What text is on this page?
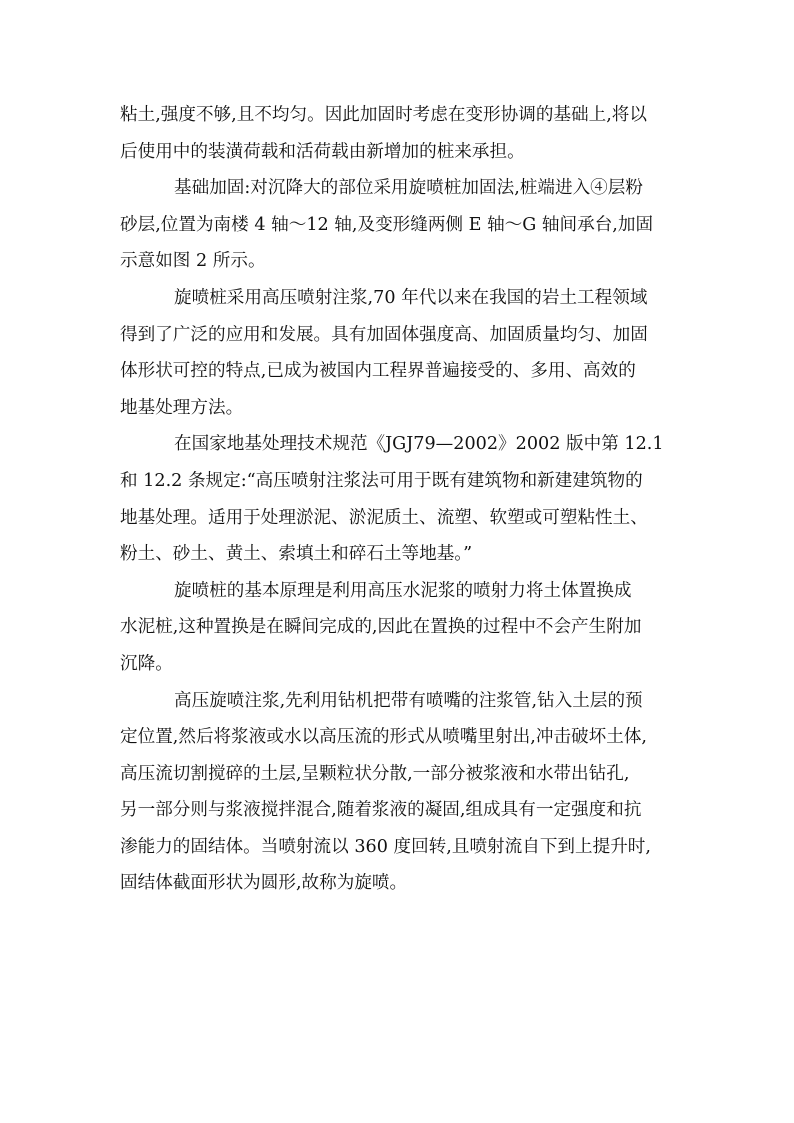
粘土,强度不够,且不均匀。因此加固时考虑在变形协调的基础上,将以
后使用中的装潢荷载和活荷载由新增加的桩来承担。
基础加固:对沉降大的部位采用旋喷桩加固法,桩端进入④层粉
砂层,位置为南楼 4 轴～12 轴,及变形缝两侧 E 轴～G 轴间承台,加固
示意如图 2 所示。
旋喷桩采用高压喷射注浆,70 年代以来在我国的岩土工程领域
得到了广泛的应用和发展。具有加固体强度高、加固质量均匀、加固
体形状可控的特点,已成为被国内工程界普遍接受的、多用、高效的
地基处理方法。
在国家地基处理技术规范《JGJ79—2002》2002 版中第 12.1
和 12.2 条规定:“高压喷射注浆法可用于既有建筑物和新建建筑物的
地基处理。适用于处理淤泥、淤泥质土、流塑、软塑或可塑粘性土、
粉土、砂土、黄土、索填土和碎石土等地基。”
旋喷桩的基本原理是利用高压水泥浆的喷射力将土体置换成
水泥桩,这种置换是在瞬间完成的,因此在置换的过程中不会产生附加
沉降。
高压旋喷注浆,先利用钻机把带有喷嘴的注浆管,钻入土层的预
定位置,然后将浆液或水以高压流的形式从喷嘴里射出,冲击破坏土体,
高压流切割搅碎的土层,呈颗粒状分散,一部分被浆液和水带出钻孔,
另一部分则与浆液搅拌混合,随着浆液的凝固,组成具有一定强度和抗
渗能力的固结体。当喷射流以 360 度回转,且喷射流自下到上提升时,
固结体截面形状为圆形,故称为旋喷。
